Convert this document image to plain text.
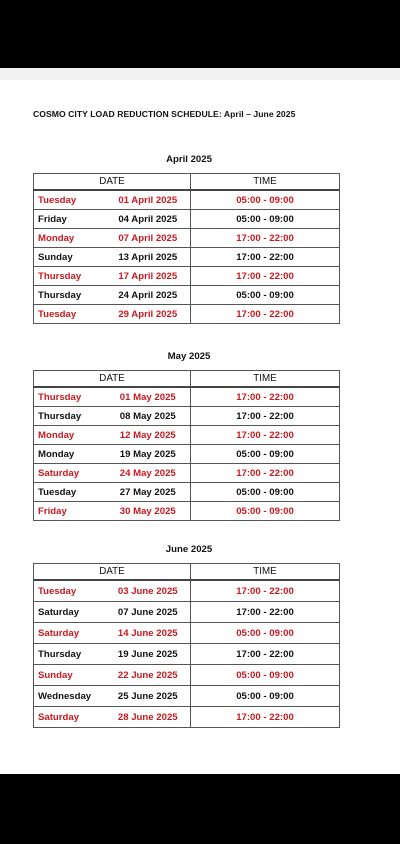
COSMO CITY LOAD REDUCTION SCHEDULE: April – June 2025
April 2025
DATE		TIME
Tuesday	01 April 2025	05:00 - 09:00
Friday	04 April 2025	05:00 - 09:00
Monday	07 April 2025	17:00 - 22:00
Sunday	13 April 2025	17:00 - 22:00
Thursday	17 April 2025	17:00 - 22:00
Thursday	24 April 2025	05:00 - 09:00
Tuesday	29 April 2025	17:00 - 22:00
May 2025
DATE		TIME
Thursday	01 May 2025	17:00 - 22:00
Thursday	08 May 2025	17:00 - 22:00
Monday	12 May 2025	17:00 - 22:00
Monday	19 May 2025	05:00 - 09:00
Saturday	24 May 2025	17:00 - 22:00
Tuesday	27 May 2025	05:00 - 09:00
Friday	30 May 2025	05:00 - 09:00
June 2025
DATE		TIME
Tuesday	03 June 2025	17:00 - 22:00
Saturday	07 June 2025	17:00 - 22:00
Saturday	14 June 2025	05:00 - 09:00
Thursday	19 June 2025	17:00 - 22:00
Sunday	22 June 2025	05:00 - 09:00
Wednesday	25 June 2025	05:00 - 09:00
Saturday	28 June 2025	17:00 - 22:00
